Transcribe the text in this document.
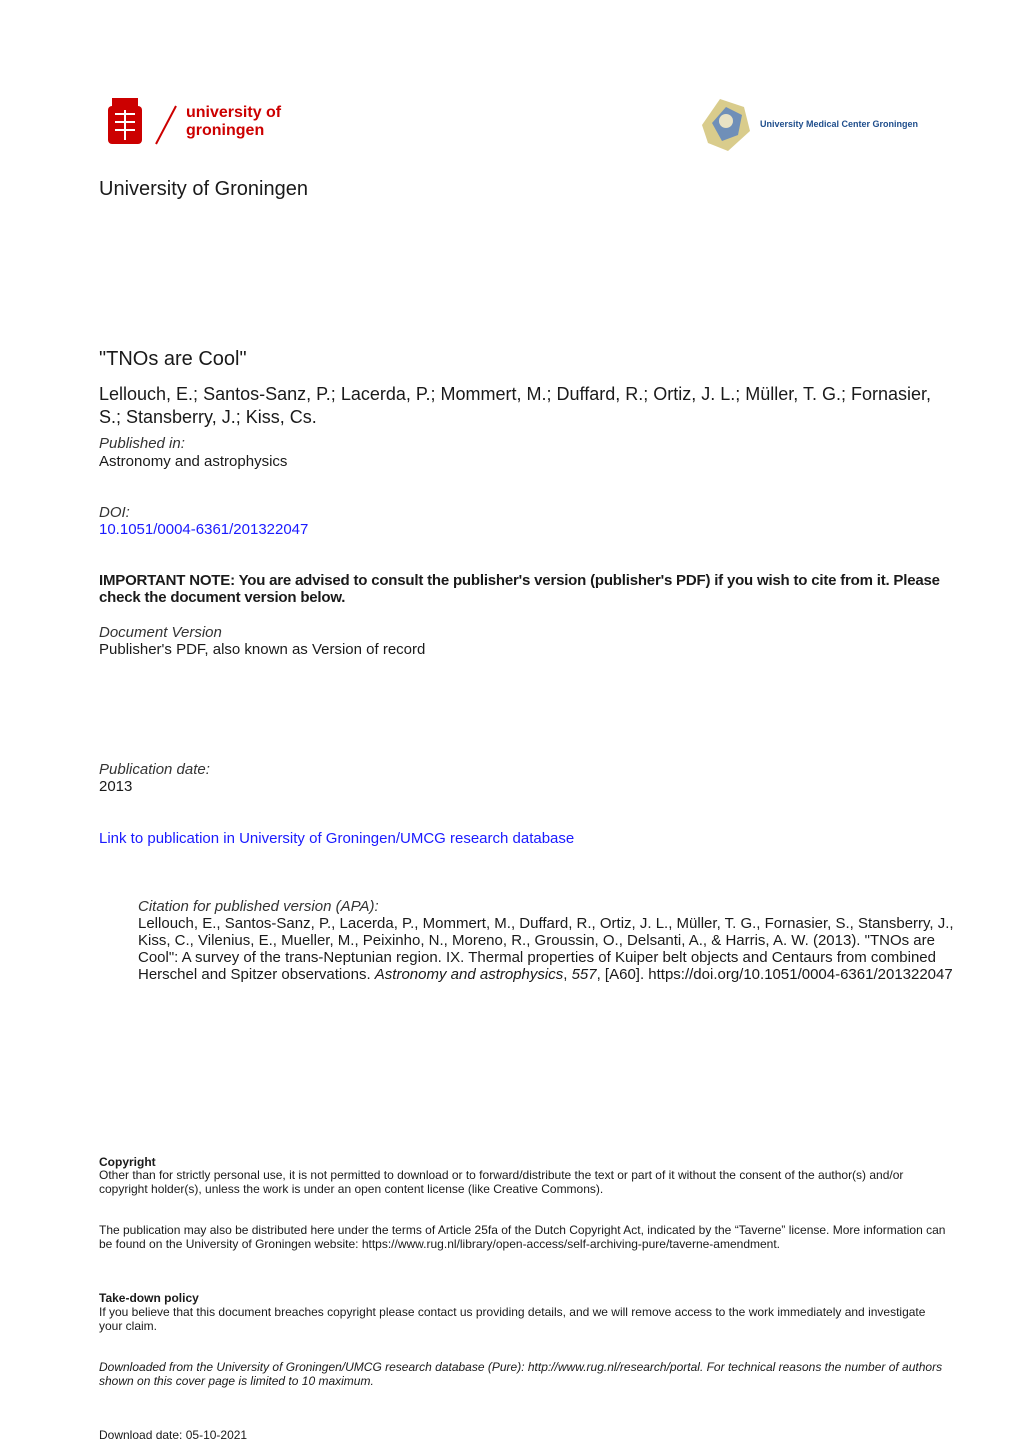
university of
groningen	University Medical Center Groningen
University of Groningen
"TNOs are Cool"
Lellouch, E.; Santos-Sanz, P.; Lacerda, P.; Mommert, M.; Duffard, R.; Ortiz, J. L.; Müller, T. G.; Fornasier, S.; Stansberry, J.; Kiss, Cs.
Published in:
Astronomy and astrophysics
DOI:
10.1051/0004-6361/201322047
IMPORTANT NOTE: You are advised to consult the publisher's version (publisher's PDF) if you wish to cite from it. Please check the document version below.
Document Version
Publisher's PDF, also known as Version of record
Publication date:
2013
Link to publication in University of Groningen/UMCG research database
Citation for published version (APA):
Lellouch, E., Santos-Sanz, P., Lacerda, P., Mommert, M., Duffard, R., Ortiz, J. L., Müller, T. G., Fornasier, S., Stansberry, J., Kiss, C., Vilenius, E., Mueller, M., Peixinho, N., Moreno, R., Groussin, O., Delsanti, A., & Harris, A. W. (2013). "TNOs are Cool": A survey of the trans-Neptunian region. IX. Thermal properties of Kuiper belt objects and Centaurs from combined Herschel and Spitzer observations. Astronomy and astrophysics, 557, [A60]. https://doi.org/10.1051/0004-6361/201322047
Copyright
Other than for strictly personal use, it is not permitted to download or to forward/distribute the text or part of it without the consent of the author(s) and/or copyright holder(s), unless the work is under an open content license (like Creative Commons).
The publication may also be distributed here under the terms of Article 25fa of the Dutch Copyright Act, indicated by the “Taverne” license. More information can be found on the University of Groningen website: https://www.rug.nl/library/open-access/self-archiving-pure/taverne-amendment.
Take-down policy
If you believe that this document breaches copyright please contact us providing details, and we will remove access to the work immediately and investigate your claim.
Downloaded from the University of Groningen/UMCG research database (Pure): http://www.rug.nl/research/portal. For technical reasons the number of authors shown on this cover page is limited to 10 maximum.
Download date: 05-10-2021
